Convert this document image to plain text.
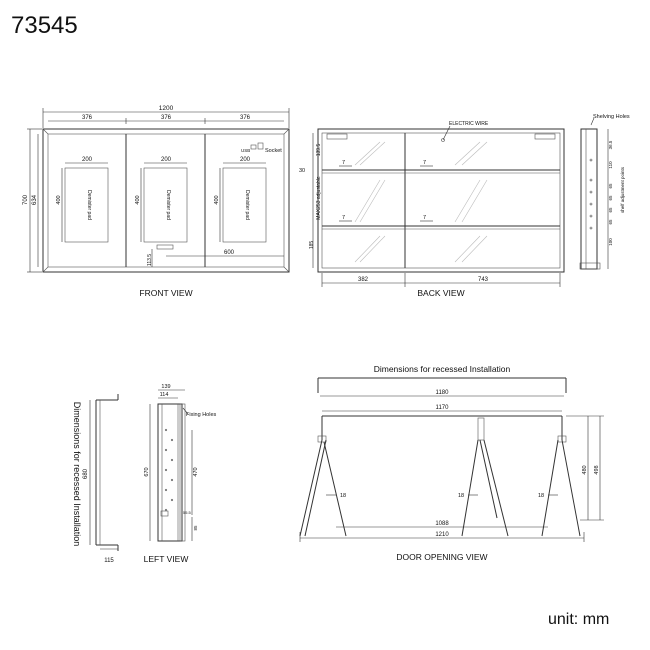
73545
Demister pad	Demister pad	Demister pad
200	200	200
400	400	400
1200
376	376	376
700 634
USB	Socket
113.5
600
FRONT VIEW
ELECTRIC WIRE
139.5
30
MAX253 adjustable
185
7	7
7	7
382	743
BACK VIEW
Shelving Holes
36.5
110
65
65
65
65
100
shelf adjustment points
Dimensions for recessed Installation 680
115
139
114
Fixing Holes
670	470
55.5
85
LEFT VIEW
Dimensions for recessed Installation
1180
1170
18	18	18
1088
1210
480 498
DOOR OPENING VIEW
unit: mm
